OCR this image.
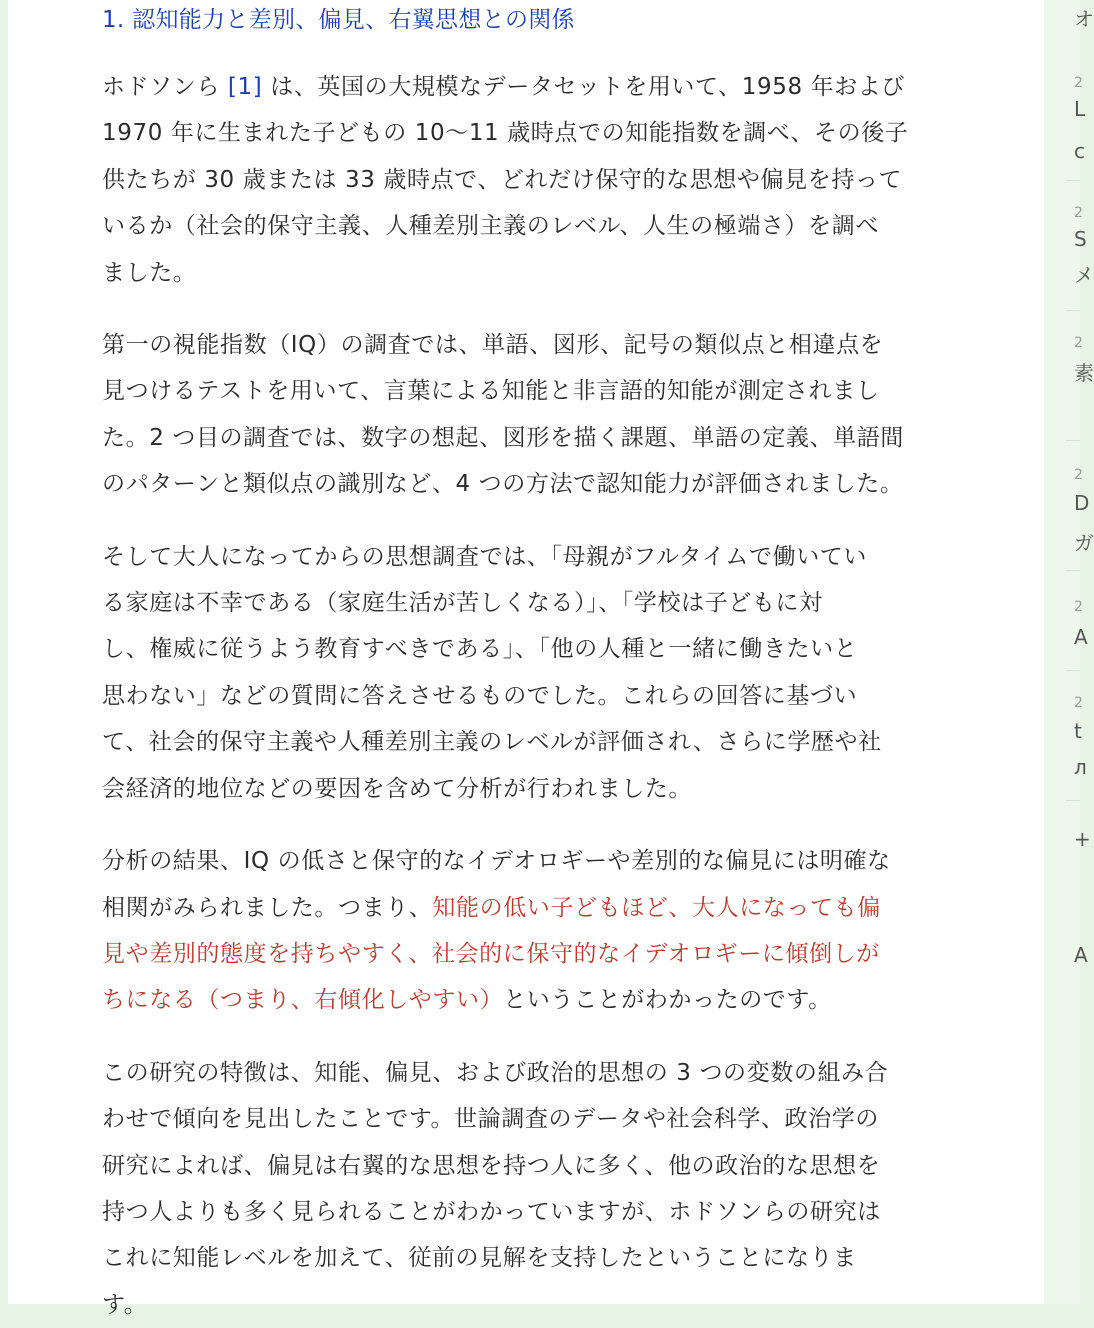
1. 認知能力と差別、偏見、右翼思想との関係

ホドソンら [1] は、英国の大規模なデータセットを用いて、1958 年および
1970 年に生まれた子どもの 10〜11 歳時点での知能指数を調べ、その後子
供たちが 30 歳または 33 歳時点で、どれだけ保守的な思想や偏見を持って
いるか（社会的保守主義、人種差別主義のレベル、人生の極端さ）を調べ
ました。

第一の視能指数（IQ）の調査では、単語、図形、記号の類似点と相違点を
見つけるテストを用いて、言葉による知能と非言語的知能が測定されまし
た。2 つ目の調査では、数字の想起、図形を描く課題、単語の定義、単語間
のパターンと類似点の識別など、4 つの方法で認知能力が評価されました。

そして大人になってからの思想調査では、「母親がフルタイムで働いてい
る家庭は不幸である（家庭生活が苦しくなる）」、「学校は子どもに対
し、権威に従うよう教育すべきである」、「他の人種と一緒に働きたいと
思わない」などの質問に答えさせるものでした。これらの回答に基づい
て、社会的保守主義や人種差別主義のレベルが評価され、さらに学歴や社
会経済的地位などの要因を含めて分析が行われました。

分析の結果、IQ の低さと保守的なイデオロギーや差別的な偏見には明確な
相関がみられました。つまり、知能の低い子どもほど、大人になっても偏
見や差別的態度を持ちやすく、社会的に保守的なイデオロギーに傾倒しが
ちになる（つまり、右傾化しやすい）ということがわかったのです。

この研究の特徴は、知能、偏見、および政治的思想の 3 つの変数の組み合
わせで傾向を見出したことです。世論調査のデータや社会科学、政治学の
研究によれば、偏見は右翼的な思想を持つ人に多く、他の政治的な思想を
持つ人よりも多く見られることがわかっていますが、ホドソンらの研究は
これに知能レベルを加えて、従前の見解を支持したということになりま
す。

オ
2
L
c
2
S
メ
2
素
2
D
ガ
2
A
2
t
л
+
A
